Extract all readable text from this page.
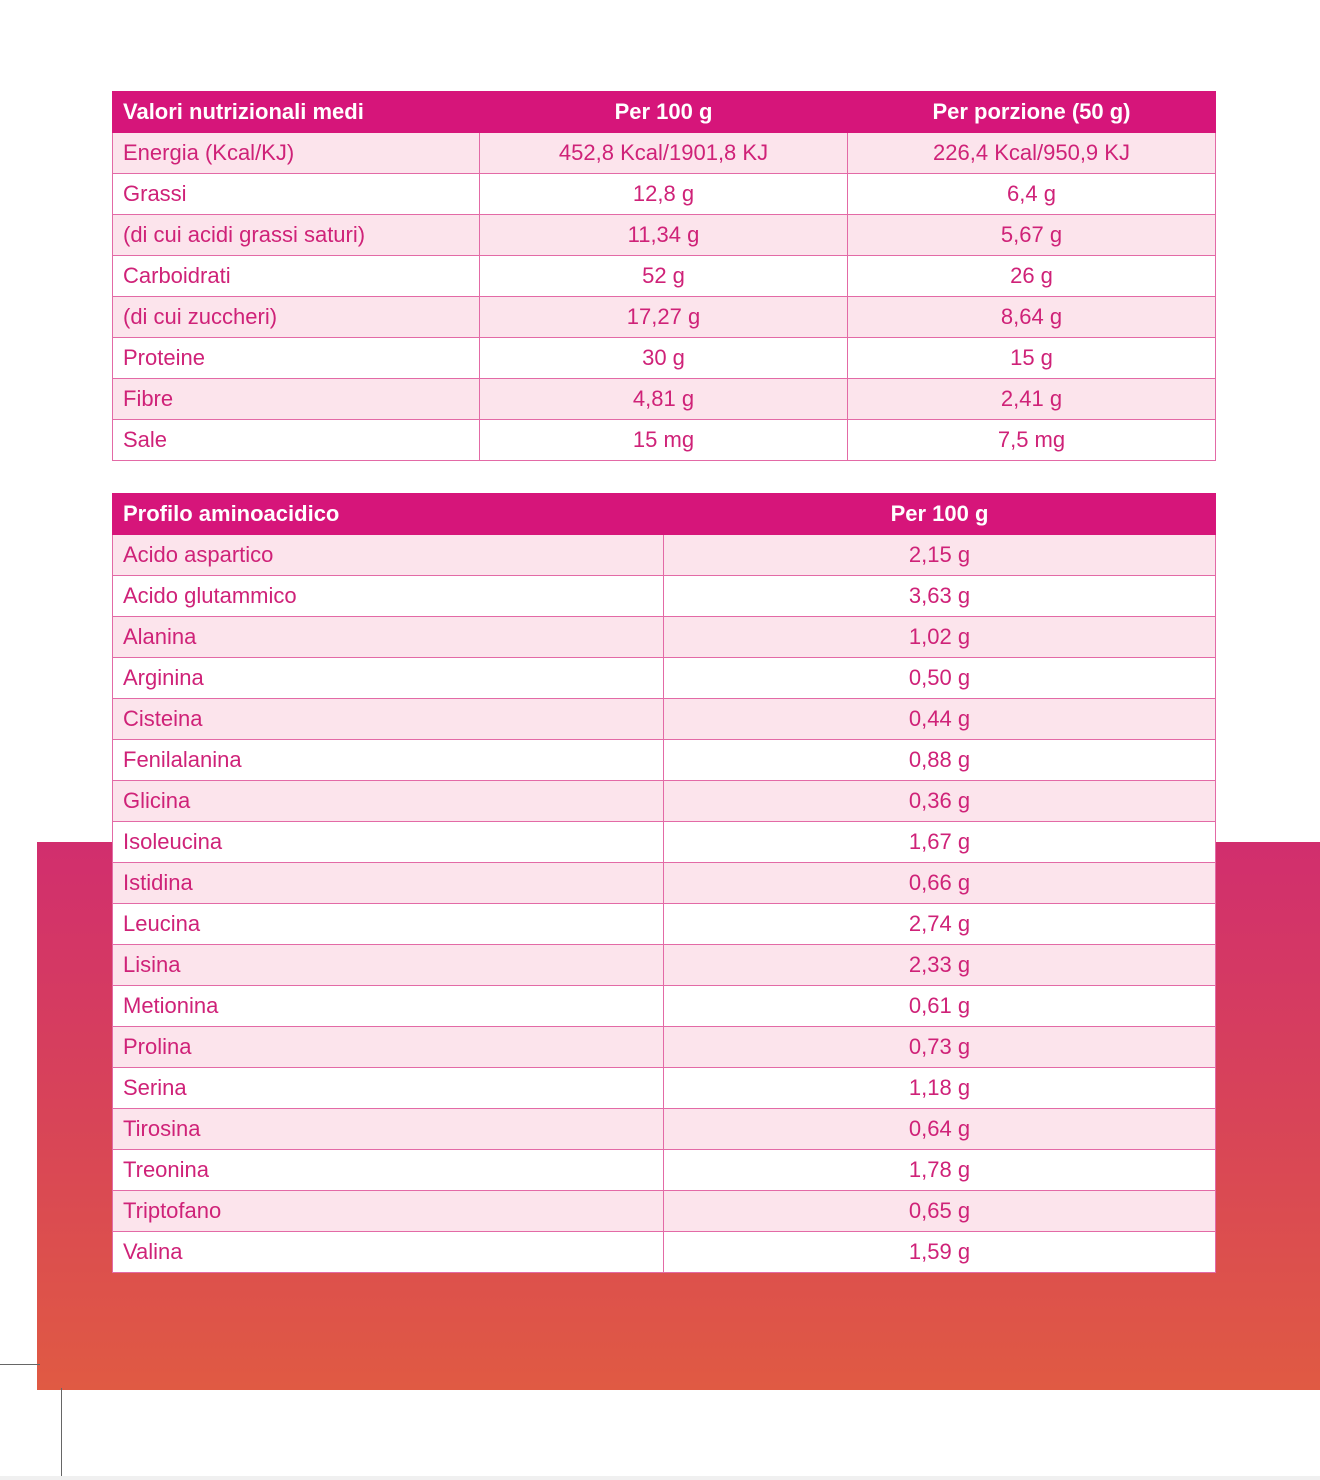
Valori nutrizionali medi	Per 100 g	Per porzione (50 g)
Energia (Kcal/KJ)	452,8 Kcal/1901,8 KJ	226,4 Kcal/950,9 KJ
Grassi	12,8 g	6,4 g
(di cui acidi grassi saturi)	11,34 g	5,67 g
Carboidrati	52 g	26 g
(di cui zuccheri)	17,27 g	8,64 g
Proteine	30 g	15 g
Fibre	4,81 g	2,41 g
Sale	15 mg	7,5 mg
Profilo aminoacidico	Per 100 g
Acido aspartico	2,15 g
Acido glutammico	3,63 g
Alanina	1,02 g
Arginina	0,50 g
Cisteina	0,44 g
Fenilalanina	0,88 g
Glicina	0,36 g
Isoleucina	1,67 g
Istidina	0,66 g
Leucina	2,74 g
Lisina	2,33 g
Metionina	0,61 g
Prolina	0,73 g
Serina	1,18 g
Tirosina	0,64 g
Treonina	1,78 g
Triptofano	0,65 g
Valina	1,59 g
